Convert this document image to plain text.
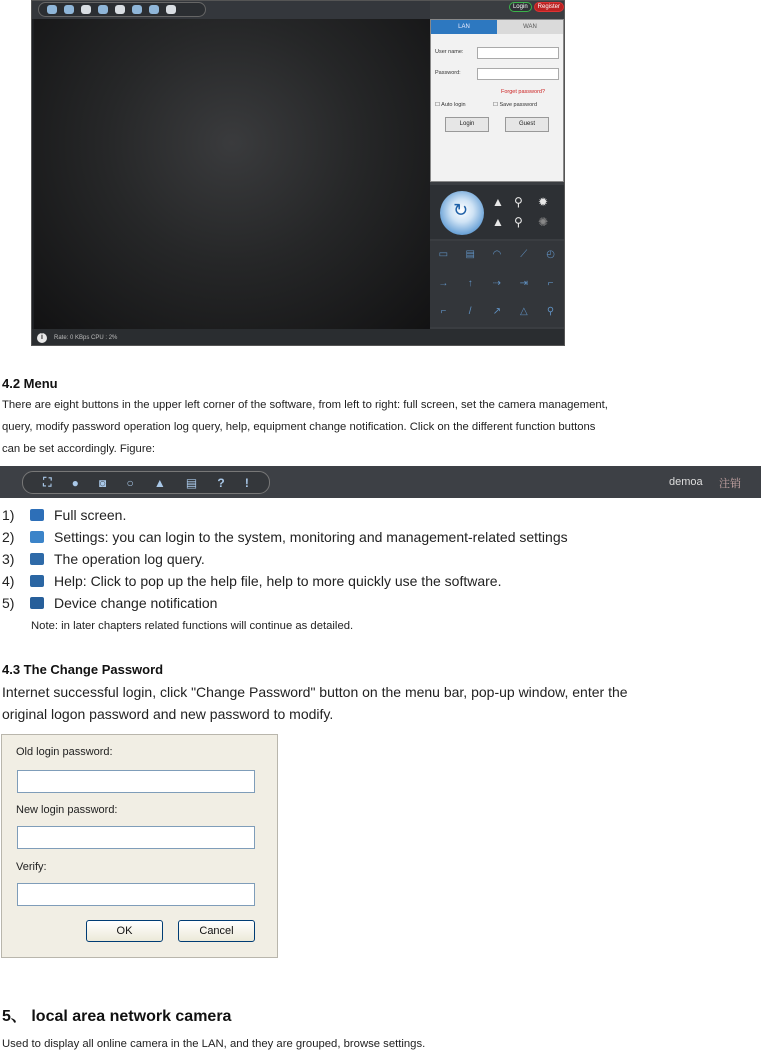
Login	Register
LAN	WAN
User name:
Password:
Forget password?
☐ Auto login	☐ Save password
Login	Guest
↻
▲ ⚲ ✹
▲ ⚲ ✺
▭	▤	◠	⟋	◴
→	↑	⇢	⇥	⌐
⌐	/	↗	△	⚲
i	Rate: 0 KBps CPU : 2%
4.2 Menu
There are eight buttons in the upper left corner of the software, from left to right: full screen, set the camera management,
query, modify password operation log query, help, equipment change notification. Click on the different function buttons
can be set accordingly. Figure:
⛶ ● ◙ ○ ▲ ▤ ? !	demoa 注销
1)	Full screen.
2)	Settings: you can login to the system, monitoring and management-related settings
3)	The operation log query.
4)	Help: Click to pop up the help file, help to more quickly use the software.
5)	Device change notification
Note: in later chapters related functions will continue as detailed.
4.3 The Change Password
Internet successful login, click "Change Password" button on the menu bar, pop-up window, enter the
original logon password and new password to modify.
Old login password:
New login password:
Verify:
OK	Cancel
5、 local area network camera
Used to display all online camera in the LAN, and they are grouped, browse settings.
